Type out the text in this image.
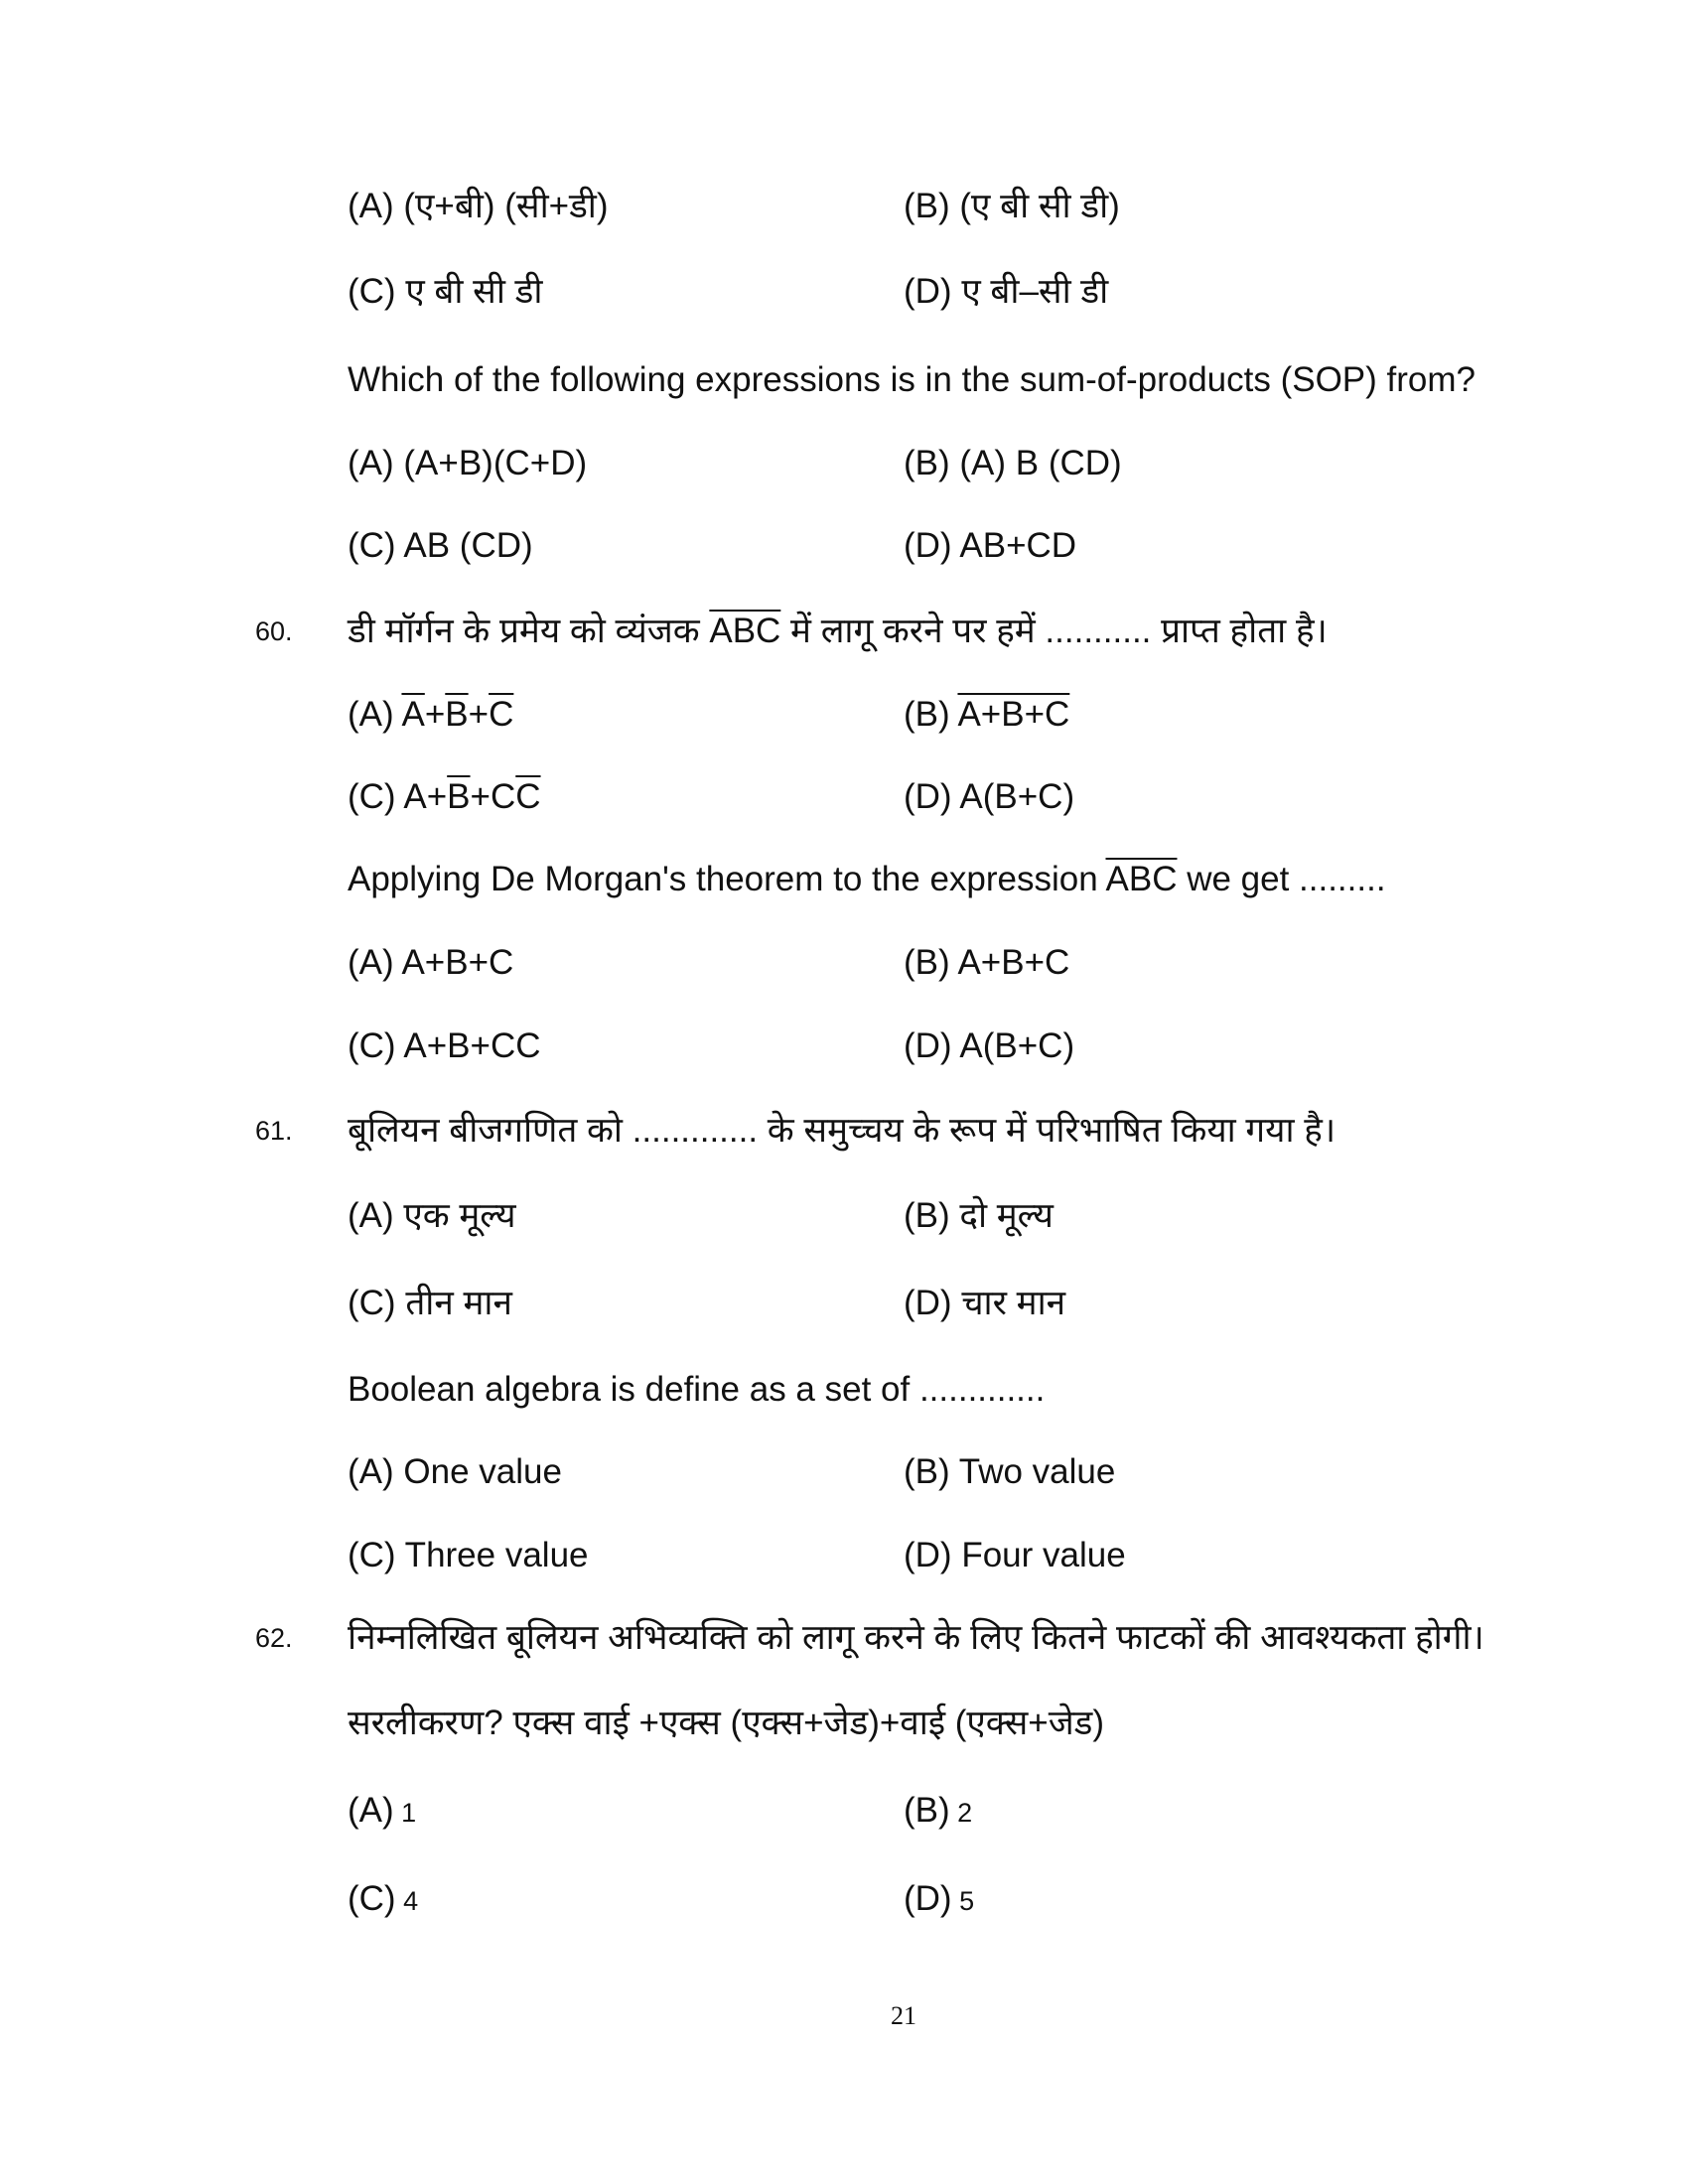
(A) (ए+बी) (सी+डी)	(B) (ए बी सी डी)
(C) ए बी सी डी	(D) ए बी–सी डी
Which of the following expressions is in the sum-of-products (SOP) from?
(A) (A+B)(C+D)	(B) (A) B (CD)
(C) AB (CD)	(D) AB+CD
60. डी मॉर्गन के प्रमेय को व्यंजक $\overline{ABC}$ में लागू करने पर हमें ........... प्राप्त होता है।
(A) $\overline{A}+\overline{B}+\overline{C}$	(B) A+B+C
(C) $A+\overline{B}+C\overline{C}$	(D) A(B+C)
Applying De Morgan's theorem to the expression $\overline{ABC}$ we get .........
(A) A+B+C	(B) A+B+C
(C) A+B+CC	(D) A(B+C)
61. बूलियन बीजगणित को ............. के समुच्चय के रूप में परिभाषित किया गया है।
(A) एक मूल्य	(B) दो मूल्य
(C) तीन मान	(D) चार मान
Boolean algebra is define as a set of .............
(A) One value	(B) Two value
(C) Three value	(D) Four value
62. निम्नलिखित बूलियन अभिव्यक्ति को लागू करने के लिए कितने फाटकों की आवश्यकता होगी।
सरलीकरण? एक्स वाई +एक्स (एक्स+जेड)+वाई (एक्स+जेड)
(A) 1	(B) 2
(C) 4	(D) 5
21
